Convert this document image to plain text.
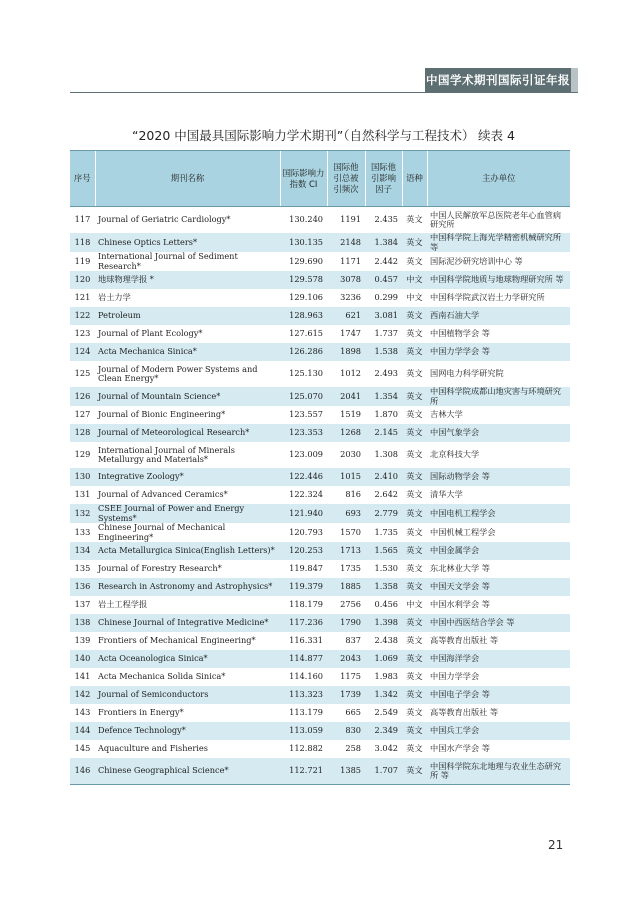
中国学术期刊国际引证年报
“2020 中国最具国际影响力学术期刊”（自然科学与工程技术） 续表 4
序号	期刊名称	国际影响力指数 CI	国际他引总被引频次	国际他引影响因子	语种	主办单位
117	Journal of Geriatric Cardiology*	130.240	1191	2.435	英文	中国人民解放军总医院老年心血管病研究所
118	Chinese Optics Letters*	130.135	2148	1.384	英文	中国科学院上海光学精密机械研究所 等
119	International Journal of Sediment Research*	129.690	1171	2.442	英文	国际泥沙研究培训中心 等
120	地球物理学报 *	129.578	3078	0.457	中文	中国科学院地质与地球物理研究所 等
121	岩土力学	129.106	3236	0.299	中文	中国科学院武汉岩土力学研究所
122	Petroleum	128.963	621	3.081	英文	西南石油大学
123	Journal of Plant Ecology*	127.615	1747	1.737	英文	中国植物学会 等
124	Acta Mechanica Sinica*	126.286	1898	1.538	英文	中国力学学会 等
125	Journal of Modern Power Systems and Clean Energy*	125.130	1012	2.493	英文	国网电力科学研究院
126	Journal of Mountain Science*	125.070	2041	1.354	英文	中国科学院成都山地灾害与环境研究所
127	Journal of Bionic Engineering*	123.557	1519	1.870	英文	吉林大学
128	Journal of Meteorological Research*	123.353	1268	2.145	英文	中国气象学会
129	International Journal of Minerals Metallurgy and Materials*	123.009	2030	1.308	英文	北京科技大学
130	Integrative Zoology*	122.446	1015	2.410	英文	国际动物学会 等
131	Journal of Advanced Ceramics*	122.324	816	2.642	英文	清华大学
132	CSEE Journal of Power and Energy Systems*	121.940	693	2.779	英文	中国电机工程学会
133	Chinese Journal of Mechanical Engineering*	120.793	1570	1.735	英文	中国机械工程学会
134	Acta Metallurgica Sinica(English Letters)*	120.253	1713	1.565	英文	中国金属学会
135	Journal of Forestry Research*	119.847	1735	1.530	英文	东北林业大学 等
136	Research in Astronomy and Astrophysics*	119.379	1885	1.358	英文	中国天文学会 等
137	岩土工程学报	118.179	2756	0.456	中文	中国水利学会 等
138	Chinese Journal of Integrative Medicine*	117.236	1790	1.398	英文	中国中西医结合学会 等
139	Frontiers of Mechanical Engineering*	116.331	837	2.438	英文	高等教育出版社 等
140	Acta Oceanologica Sinica*	114.877	2043	1.069	英文	中国海洋学会
141	Acta Mechanica Solida Sinica*	114.160	1175	1.983	英文	中国力学学会
142	Journal of Semiconductors	113.323	1739	1.342	英文	中国电子学会 等
143	Frontiers in Energy*	113.179	665	2.549	英文	高等教育出版社 等
144	Defence Technology*	113.059	830	2.349	英文	中国兵工学会
145	Aquaculture and Fisheries	112.882	258	3.042	英文	中国水产学会 等
146	Chinese Geographical Science*	112.721	1385	1.707	英文	中国科学院东北地理与农业生态研究所 等
21
